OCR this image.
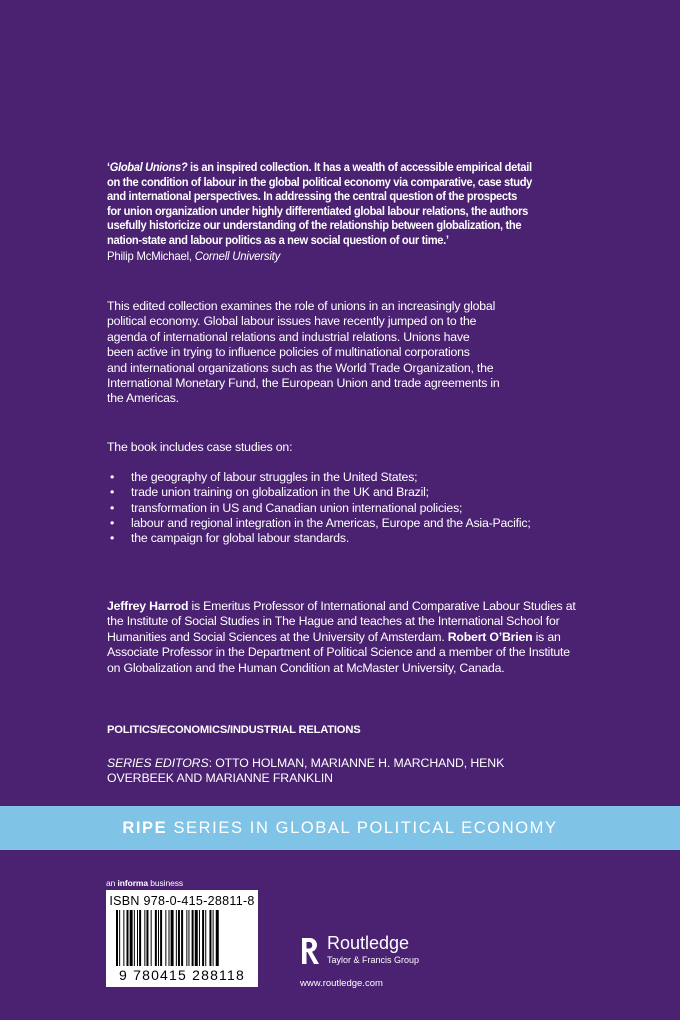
‘Global Unions? is an inspired collection. It has a wealth of accessible empirical detail
on the condition of labour in the global political economy via comparative, case study
and international perspectives. In addressing the central question of the prospects
for union organization under highly differentiated global labour relations, the authors
usefully historicize our understanding of the relationship between globalization, the
nation-state and labour politics as a new social question of our time.’
Philip McMichael, Cornell University
This edited collection examines the role of unions in an increasingly global
political economy. Global labour issues have recently jumped on to the
agenda of international relations and industrial relations. Unions have
been active in trying to influence policies of multinational corporations
and international organizations such as the World Trade Organization, the
International Monetary Fund, the European Union and trade agreements in
the Americas.
The book includes case studies on:
• the geography of labour struggles in the United States;
• trade union training on globalization in the UK and Brazil;
• transformation in US and Canadian union international policies;
• labour and regional integration in the Americas, Europe and the Asia-Pacific;
• the campaign for global labour standards.
Jeffrey Harrod is Emeritus Professor of International and Comparative Labour Studies at the Institute of Social Studies in The Hague and teaches at the International School for Humanities and Social Sciences at the University of Amsterdam. Robert O’Brien is an Associate Professor in the Department of Political Science and a member of the Institute on Globalization and the Human Condition at McMaster University, Canada.
POLITICS/ECONOMICS/INDUSTRIAL RELATIONS
SERIES EDITORS: OTTO HOLMAN, MARIANNE H. MARCHAND, HENK OVERBEEK AND MARIANNE FRANKLIN
RIPE SERIES IN GLOBAL POLITICAL ECONOMY
an informa business
ISBN 978-0-415-28811-8
9 780415 288118
Routledge
Taylor & Francis Group
www.routledge.com
